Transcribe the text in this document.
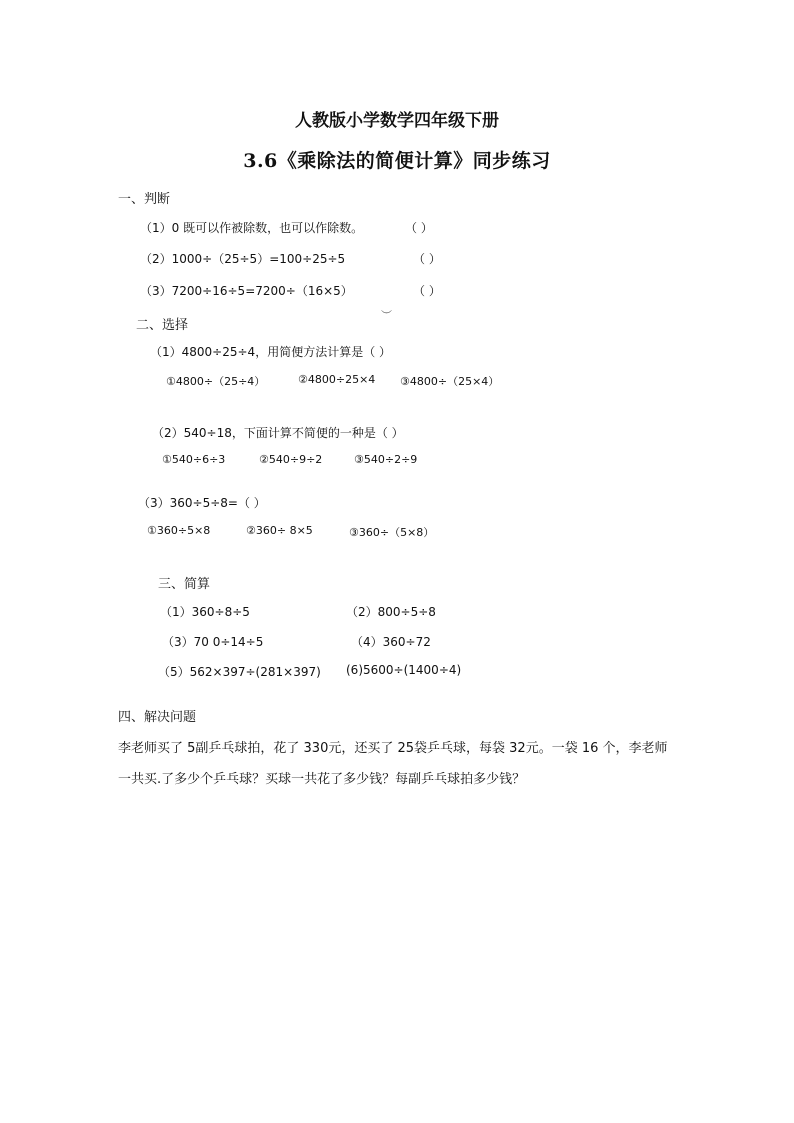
人教版小学数学四年级下册
3.6《乘除法的简便计算》同步练习
一、判断
（1）0 既可以作被除数，也可以作除数。	（ ）
（2）1000÷（25÷5）=100÷25÷5	（ ）
（3）7200÷16÷5=7200÷（16×5）	（ ）
︶
二、选择
（1）4800÷25÷4，用简便方法计算是（ ）
①4800÷（25÷4）	②4800÷25×4 ③4800÷（25×4）
（2）540÷18，下面计算不简便的一种是（ ）
①540÷6÷3	②540÷9÷2	③540÷2÷9
（3）360÷5÷8=（ ）
①360÷5×8	②360÷ 8×5	③360÷（5×8）
三、简算
（1）360÷8÷5	（2）800÷5÷8
（3）70 0÷14÷5	（4）360÷72
（5）562×397÷(281×397) (6)5600÷(1400÷4)
四、解决问题
李老师买了 5副乒乓球拍，花了 330元，还买了 25袋乒乓球，每袋 32元。一袋 16 个，李老师一共买.了多少个乒乓球？买球一共花了多少钱？每副乒乓球拍多少钱？
